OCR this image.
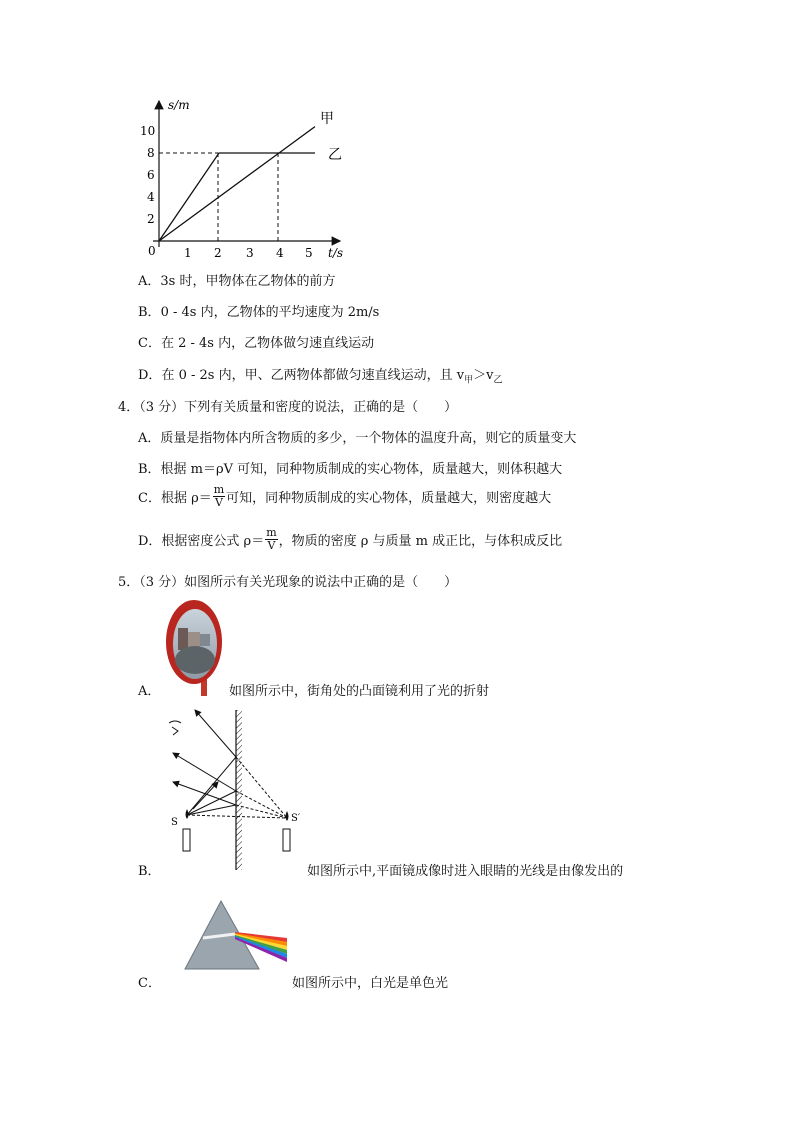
s/m
t/s
0
10
8
6
4
2
1 2 3 4 5
甲
乙
A．3s 时，甲物体在乙物体的前方
B．0 - 4s 内，乙物体的平均速度为 2m/s
C．在 2 - 4s 内，乙物体做匀速直线运动
D．在 0 - 2s 内，甲、乙两物体都做匀速直线运动，且 $v_甲>v_乙$
4．（3 分）下列有关质量和密度的说法，正确的是（　　）
A．质量是指物体内所含物质的多少，一个物体的温度升高，则它的质量变大
B．根据 m＝ρV 可知，同种物质制成的实心物体，质量越大，则体积越大
C．根据 $\rho= \frac{m}{V}$ 可知，同种物质制成的实心物体，质量越大，则密度越大
D．根据密度公式 $\rho= \frac{m}{V}$ ，物质的密度 ρ 与质量 m 成正比，与体积成反比
5．（3 分）如图所示有关光现象的说法中正确的是（　　）
A．	如图所示中，街角处的凸面镜利用了光的折射
B．
S	S′
如图所示中,平面镜成像时进入眼睛的光线是由像发出的
C．	如图所示中，白光是单色光
